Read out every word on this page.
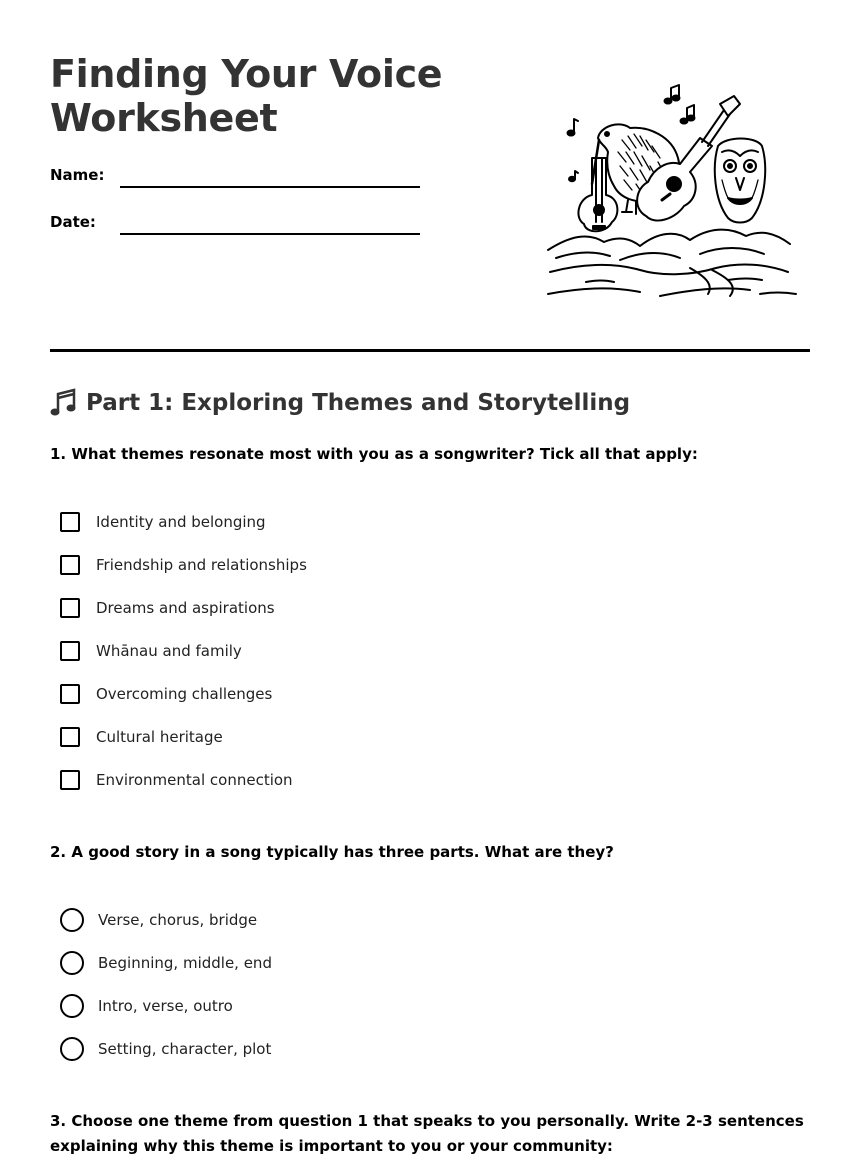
Finding Your Voice
Worksheet
Name:
Date:
Part 1: Exploring Themes and Storytelling
1. What themes resonate most with you as a songwriter? Tick all that apply:
Identity and belonging
Friendship and relationships
Dreams and aspirations
Whānau and family
Overcoming challenges
Cultural heritage
Environmental connection
2. A good story in a song typically has three parts. What are they?
Verse, chorus, bridge
Beginning, middle, end
Intro, verse, outro
Setting, character, plot
3. Choose one theme from question 1 that speaks to you personally. Write 2-3 sentences explaining why this theme is important to you or your community:
